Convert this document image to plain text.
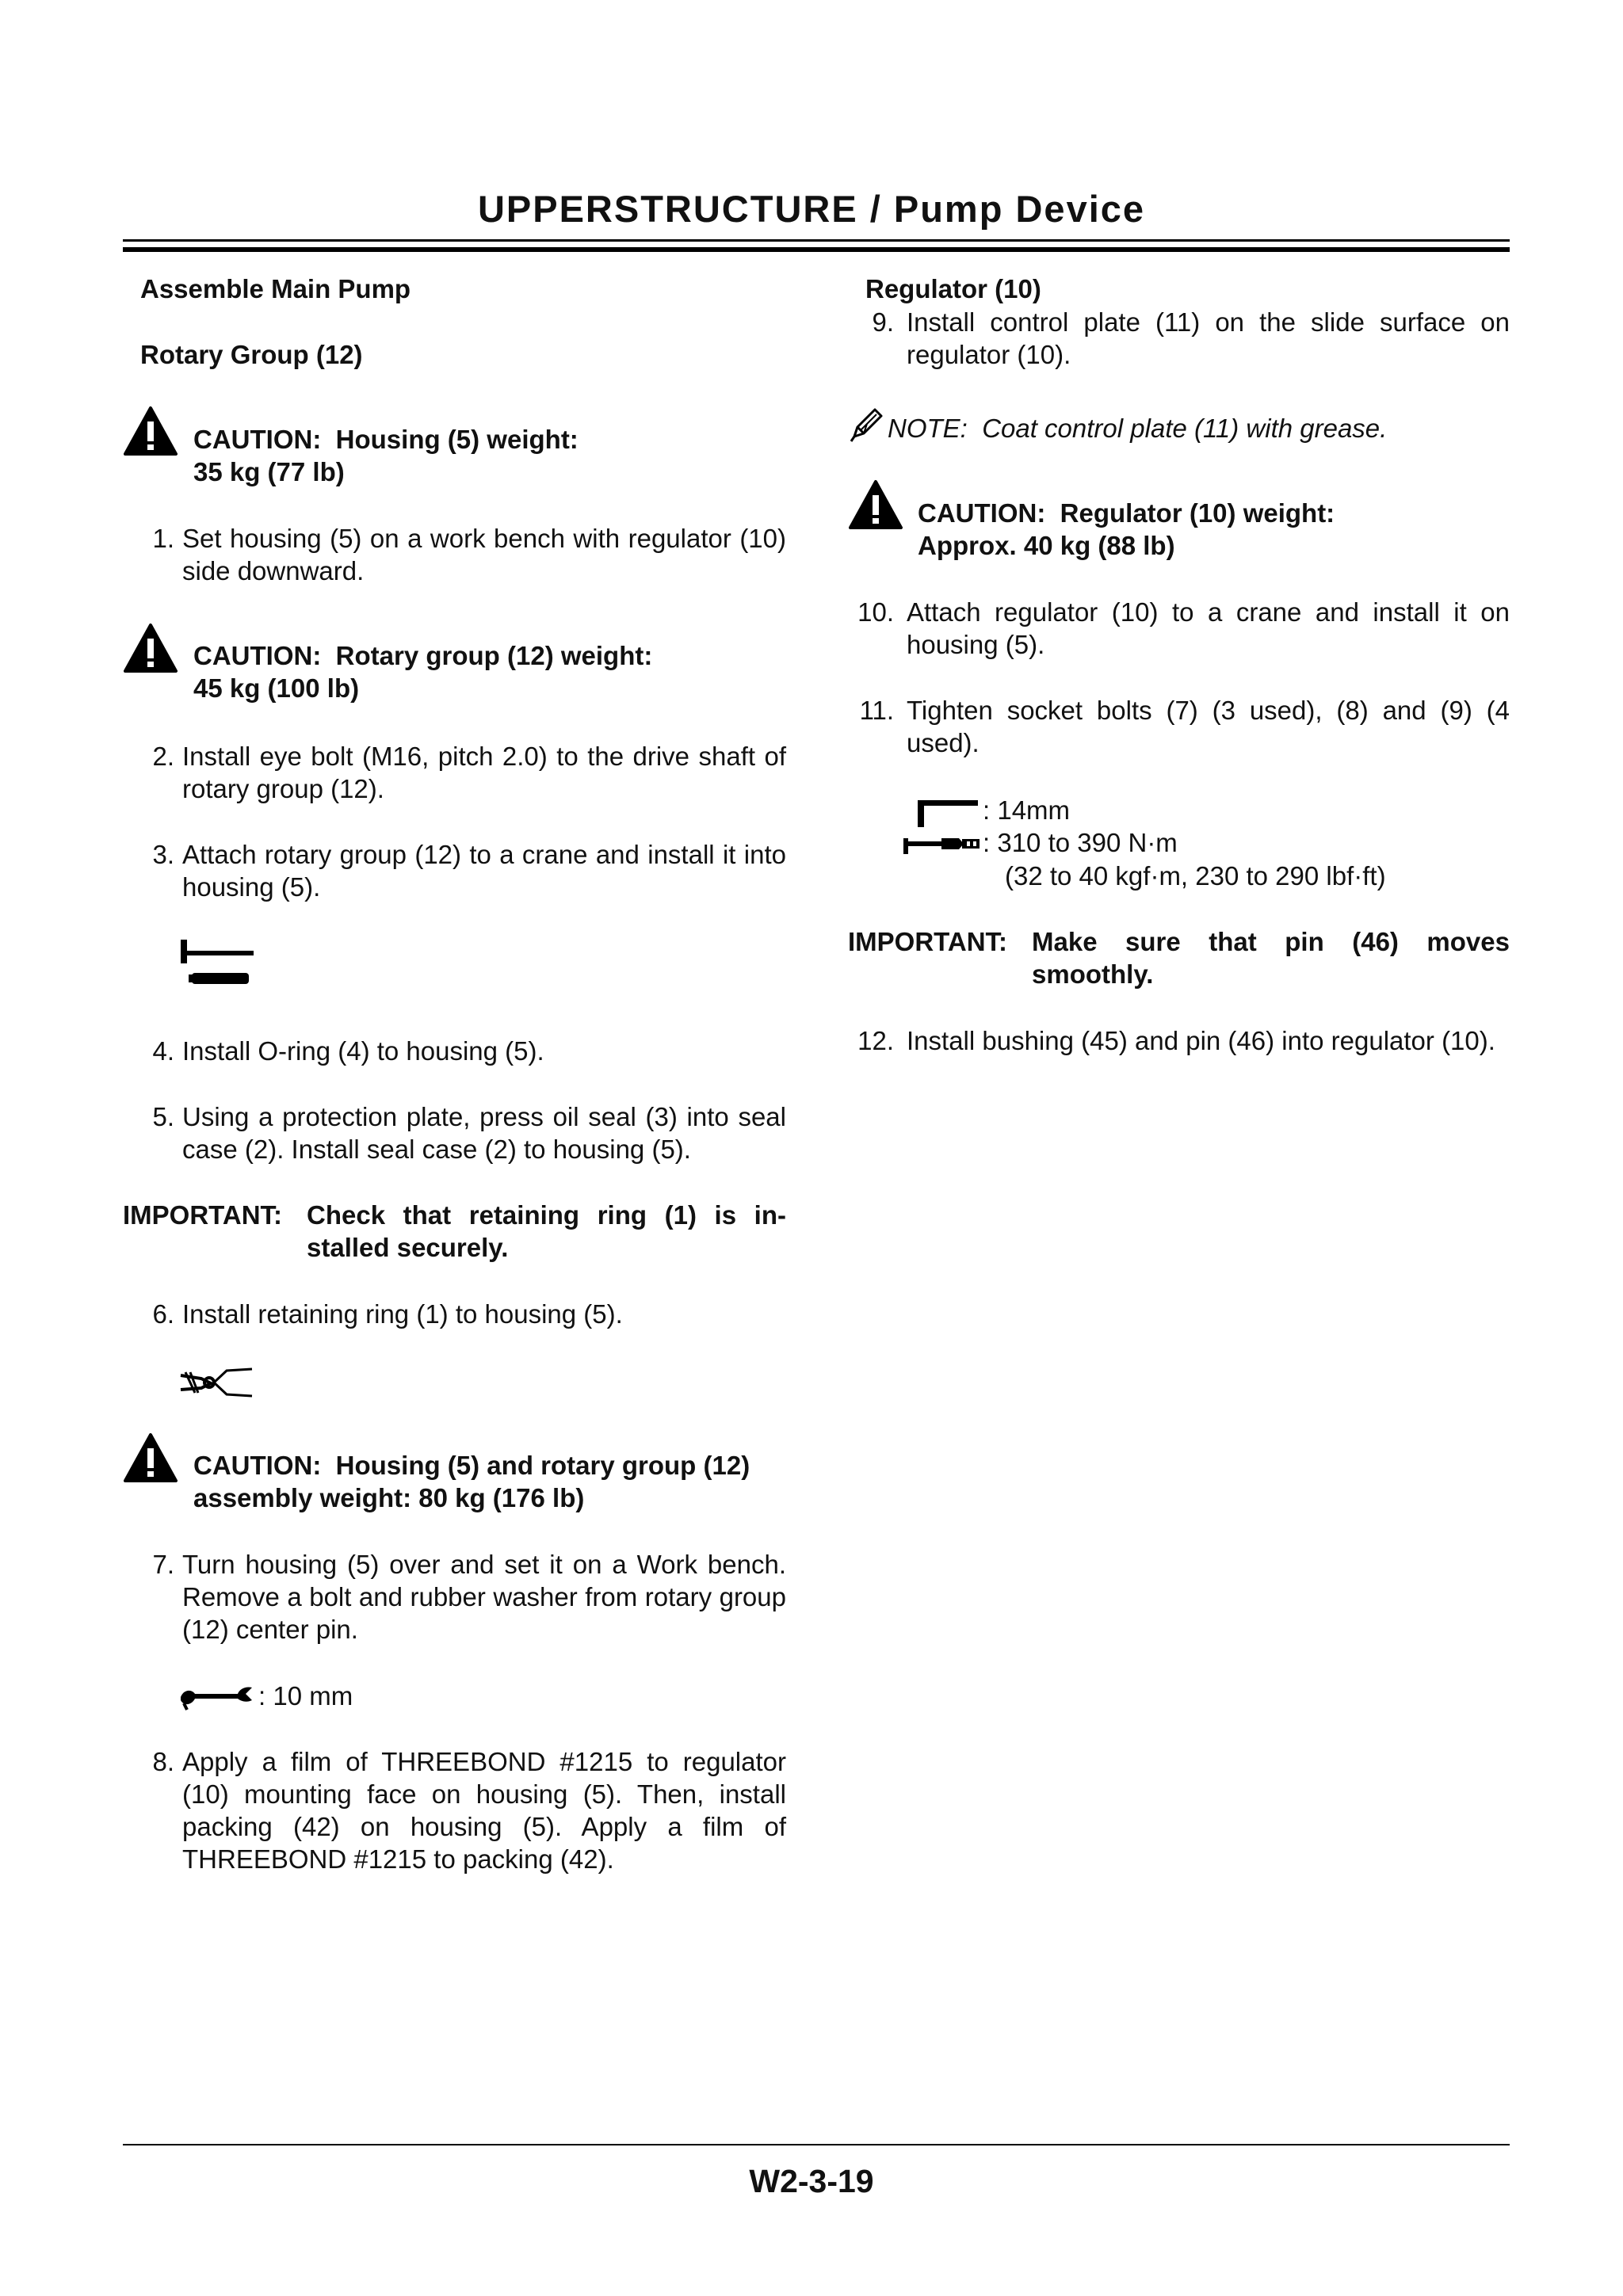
UPPERSTRUCTURE / Pump Device
Assemble Main Pump
Rotary Group (12)
CAUTION: Housing (5) weight:
35 kg (77 lb)
1. Set housing (5) on a work bench with regulator (10) side downward.
CAUTION: Rotary group (12) weight:
45 kg (100 lb)
2. Install eye bolt (M16, pitch 2.0) to the drive shaft of rotary group (12).
3. Attach rotary group (12) to a crane and install it into housing (5).
4. Install O-ring (4) to housing (5).
5. Using a protection plate, press oil seal (3) into seal case (2). Install seal case (2) to housing (5).
IMPORTANT: Check that retaining ring (1) is in-stalled securely.
6. Install retaining ring (1) to housing (5).
CAUTION: Housing (5) and rotary group (12)
assembly weight: 80 kg (176 lb)
7. Turn housing (5) over and set it on a Work bench. Remove a bolt and rubber washer from rotary group (12) center pin.
: 10 mm
8. Apply a film of THREEBOND #1215 to regulator (10) mounting face on housing (5). Then, install packing (42) on housing (5). Apply a film of THREEBOND #1215 to packing (42).
Regulator (10)
9. Install control plate (11) on the slide surface on regulator (10).
NOTE: Coat control plate (11) with grease.
CAUTION: Regulator (10) weight:
Approx. 40 kg (88 lb)
10. Attach regulator (10) to a crane and install it on housing (5).
11. Tighten socket bolts (7) (3 used), (8) and (9) (4 used).
: 14mm
: 310 to 390 N·m
(32 to 40 kgf·m, 230 to 290 lbf·ft)
IMPORTANT: Make sure that pin (46) moves smoothly.
12. Install bushing (45) and pin (46) into regulator (10).
W2-3-19
